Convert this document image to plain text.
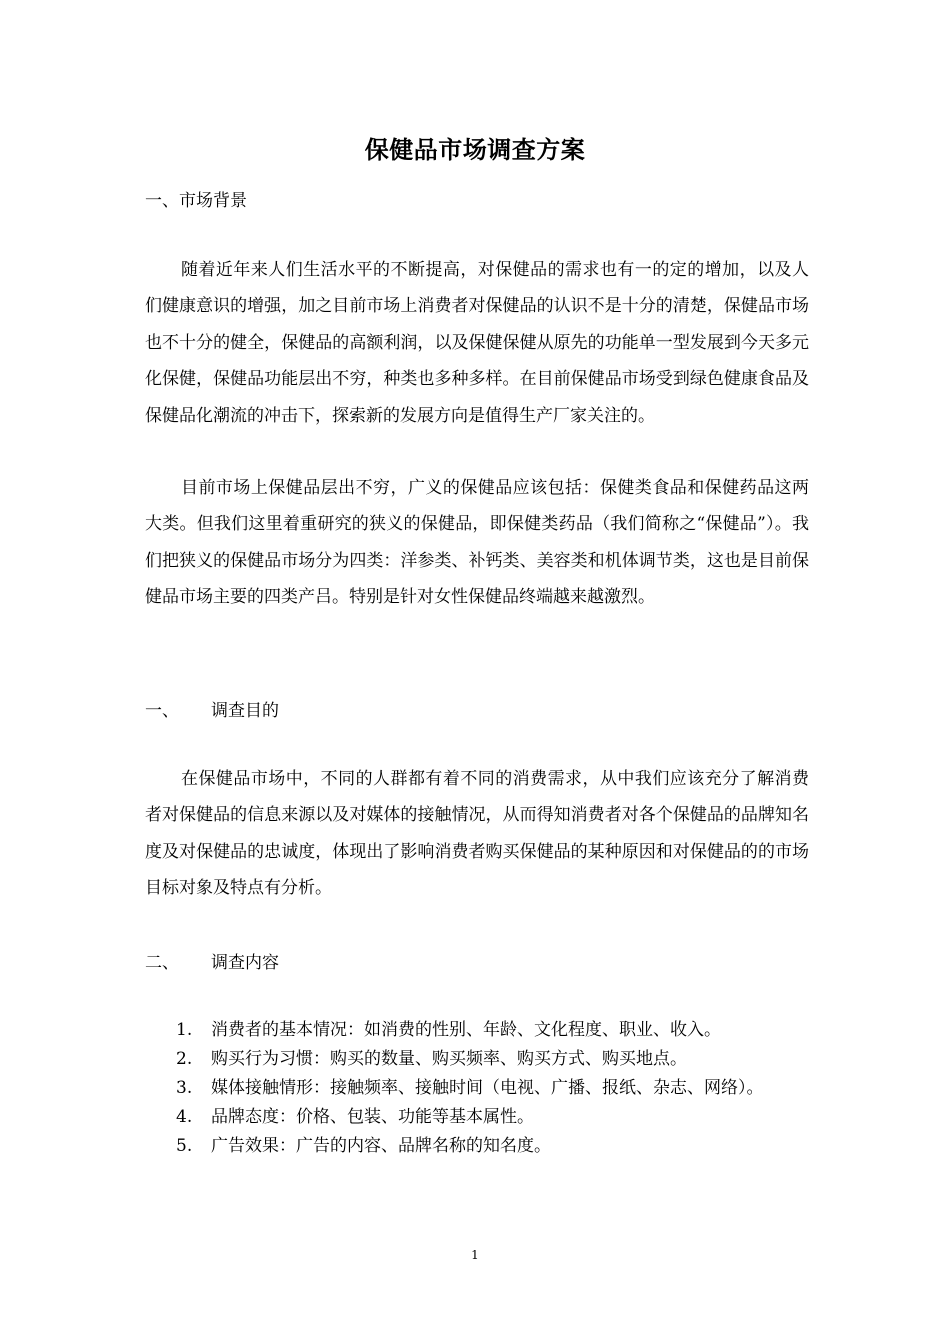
保健品市场调查方案
一、市场背景

随着近年来人们生活水平的不断提高，对保健品的需求也有一的定的增加，以及人们健康意识的增强，加之目前市场上消费者对保健品的认识不是十分的清楚，保健品市场也不十分的健全，保健品的高额利润，以及保健保健从原先的功能单一型发展到今天多元化保健，保健品功能层出不穷，种类也多种多样。在目前保健品市场受到绿色健康食品及保健品化潮流的冲击下，探索新的发展方向是值得生产厂家关注的。

目前市场上保健品层出不穷，广义的保健品应该包括：保健类食品和保健药品这两大类。但我们这里着重研究的狭义的保健品，即保健类药品（我们简称之“保健品”）。我们把狭义的保健品市场分为四类：洋参类、补钙类、美容类和机体调节类，这也是目前保健品市场主要的四类产吕。特别是针对女性保健品终端越来越激烈。

一、 调查目的

在保健品市场中，不同的人群都有着不同的消费需求，从中我们应该充分了解消费者对保健品的信息来源以及对媒体的接触情况，从而得知消费者对各个保健品的品牌知名度及对保健品的忠诚度，体现出了影响消费者购买保健品的某种原因和对保健品的的市场目标对象及特点有分析。

二、 调查内容
1. 消费者的基本情况：如消费的性别、年龄、文化程度、职业、收入。
2. 购买行为习惯：购买的数量、购买频率、购买方式、购买地点。
3. 媒体接触情形：接触频率、接触时间（电视、广播、报纸、杂志、网络）。
4. 品牌态度：价格、包装、功能等基本属性。
5. 广告效果：广告的内容、品牌名称的知名度。
1
